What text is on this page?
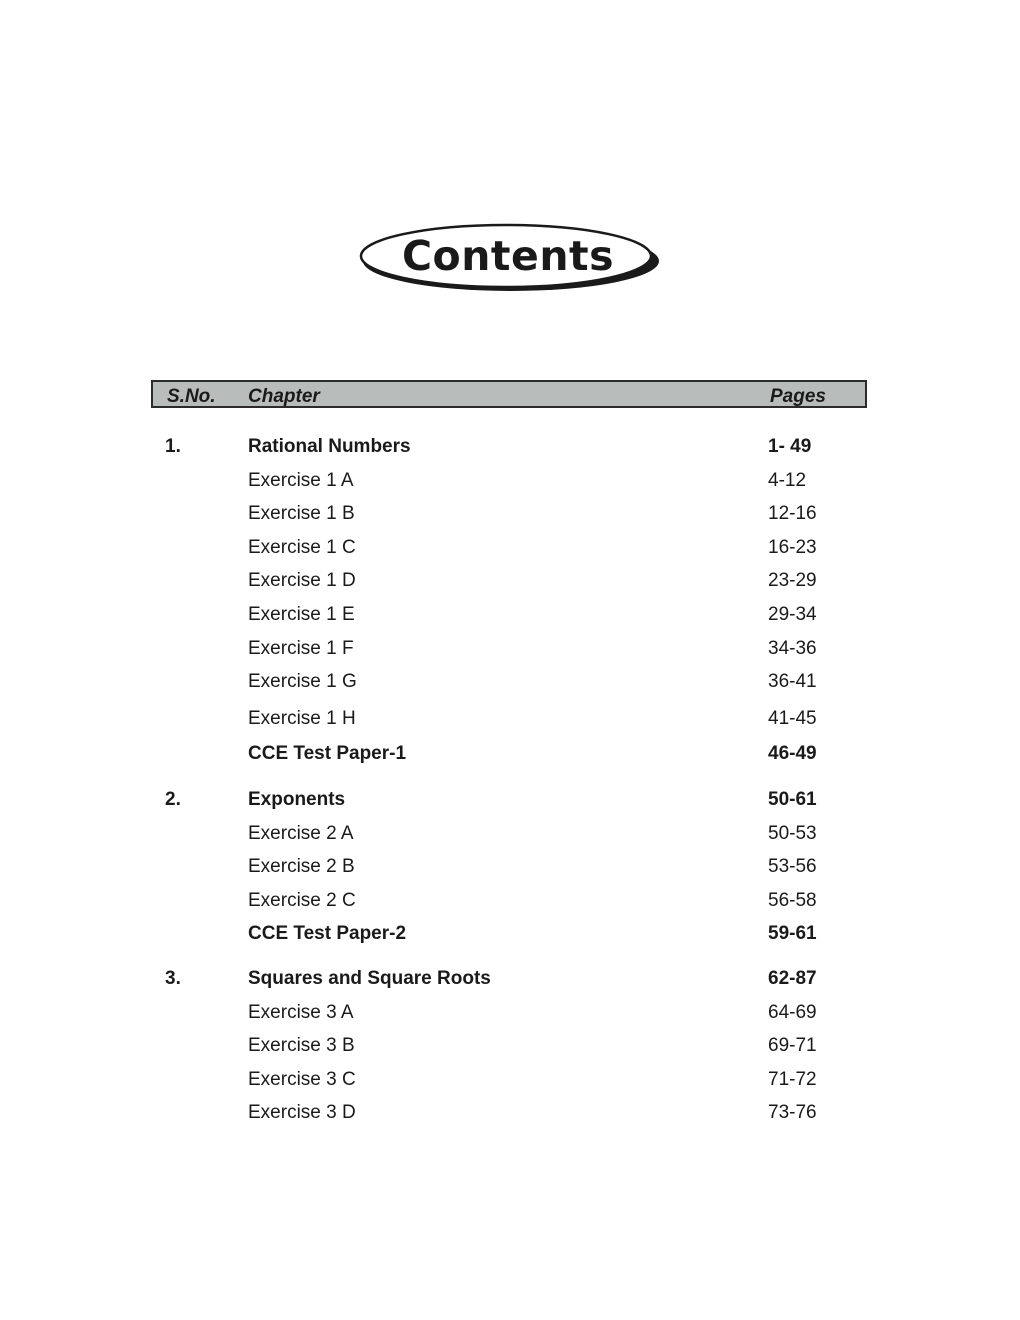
Contents
S.No. Chapter	Pages
1.	Rational Numbers	1- 49
Exercise 1 A	4-12
Exercise 1 B	12-16
Exercise 1 C	16-23
Exercise 1 D	23-29
Exercise 1 E	29-34
Exercise 1 F	34-36
Exercise 1 G	36-41
Exercise 1 H	41-45
CCE Test Paper-1	46-49
2.	Exponents	50-61
Exercise 2 A	50-53
Exercise 2 B	53-56
Exercise 2 C	56-58
CCE Test Paper-2	59-61
3.	Squares and Square Roots	62-87
Exercise 3 A	64-69
Exercise 3 B	69-71
Exercise 3 C	71-72
Exercise 3 D	73-76
